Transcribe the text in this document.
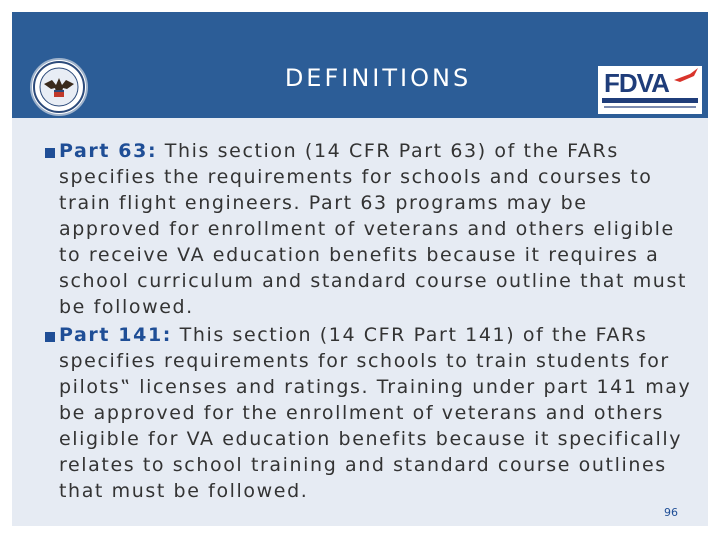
DEFINITIONS	FDVA

Part 63: This section (14 CFR Part 63) of the FARs specifies the requirements for schools and courses to train flight engineers. Part 63 programs may be approved for enrollment of veterans and others eligible to receive VA education benefits because it requires a school curriculum and standard course outline that must be followed.

Part 141: This section (14 CFR Part 141) of the FARs specifies requirements for schools to train students for pilots‟ licenses and ratings. Training under part 141 may be approved for the enrollment of veterans and others eligible for VA education benefits because it specifically relates to school training and standard course outlines that must be followed.

96
